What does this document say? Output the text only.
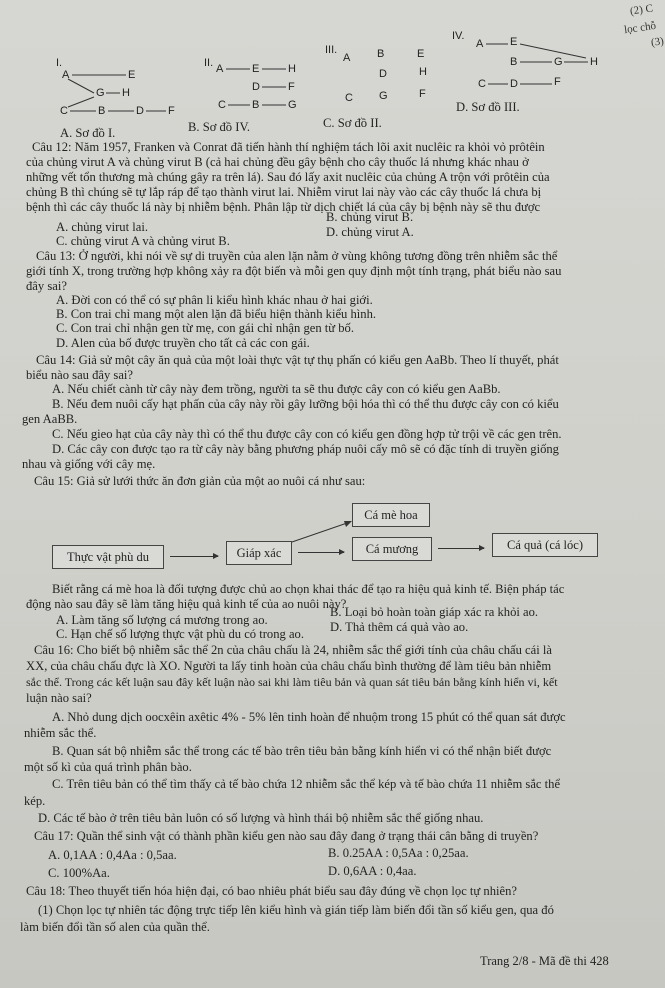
(2) C
lọc chỗ
(3)
I.
A	E
G H
C	B	D F
II. A	E	H
D	F
C B	G
III.
A B	E
D	H
C G	F
IV.
A E
B	G H
C D	F
A. Sơ đồ I.	B. Sơ đồ IV.	C. Sơ đồ II.
D. Sơ đồ III.
Câu 12: Năm 1957, Franken và Conrat đã tiến hành thí nghiệm tách lõi axit nuclêic ra khỏi vỏ prôtêin
của chủng virut A và chủng virut B (cả hai chủng đều gây bệnh cho cây thuốc lá nhưng khác nhau ở
những vết tổn thương mà chúng gây ra trên lá). Sau đó lấy axit nuclêic của chủng A trộn với prôtêin của
chủng B thì chúng sẽ tự lắp ráp để tạo thành virut lai. Nhiễm virut lai này vào các cây thuốc lá chưa bị
bệnh thì các cây thuốc lá này bị nhiễm bệnh. Phân lập từ dịch chiết lá của cây bị bệnh này sẽ thu được
A. chủng virut lai.
B. chủng virut B.
C. chủng virut A và chủng virut B.
D. chủng virut A.
Câu 13: Ở người, khi nói về sự di truyền của alen lặn nằm ở vùng không tương đồng trên nhiễm sắc thể
giới tính X, trong trường hợp không xảy ra đột biến và mỗi gen quy định một tính trạng, phát biểu nào sau
đây sai?
A. Đời con có thể có sự phân li kiểu hình khác nhau ở hai giới.
B. Con trai chỉ mang một alen lặn đã biểu hiện thành kiểu hình.
C. Con trai chỉ nhận gen từ mẹ, con gái chỉ nhận gen từ bố.
D. Alen của bố được truyền cho tất cả các con gái.
Câu 14: Giả sử một cây ăn quả của một loài thực vật tự thụ phấn có kiểu gen AaBb. Theo lí thuyết, phát
biểu nào sau đây sai?
A. Nếu chiết cành từ cây này đem trồng, người ta sẽ thu được cây con có kiểu gen AaBb.
B. Nếu đem nuôi cấy hạt phấn của cây này rồi gây lưỡng bội hóa thì có thể thu được cây con có kiểu
gen AaBB.
C. Nếu gieo hạt của cây này thì có thể thu được cây con có kiểu gen đồng hợp tử trội về các gen trên.
D. Các cây con được tạo ra từ cây này bằng phương pháp nuôi cấy mô sẽ có đặc tính di truyền giống
nhau và giống với cây mẹ.
Câu 15: Giả sử lưới thức ăn đơn giản của một ao nuôi cá như sau:
Cá mè hoa
Thực vật phù du	Giáp xác	Cá mương	Cá quả (cá lóc)
Biết rằng cá mè hoa là đối tượng được chủ ao chọn khai thác để tạo ra hiệu quả kinh tế. Biện pháp tác
động nào sau đây sẽ làm tăng hiệu quả kinh tế của ao nuôi này?
A. Làm tăng số lượng cá mương trong ao.
B. Loại bỏ hoàn toàn giáp xác ra khỏi ao.
C. Hạn chế số lượng thực vật phù du có trong ao. D. Thả thêm cá quả vào ao.
Câu 16: Cho biết bộ nhiễm sắc thể 2n của châu chấu là 24, nhiễm sắc thể giới tính của châu chấu cái là
XX, của châu chấu đực là XO. Người ta lấy tinh hoàn của châu chấu bình thường để làm tiêu bản nhiễm
sắc thể. Trong các kết luận sau đây kết luận nào sai khi làm tiêu bản và quan sát tiêu bản bằng kính hiển vi, kết
luận nào sai?
A. Nhỏ dung dịch oocxêin axêtic 4% - 5% lên tinh hoàn để nhuộm trong 15 phút có thể quan sát được
nhiễm sắc thể.
B. Quan sát bộ nhiễm sắc thể trong các tế bào trên tiêu bản bằng kính hiển vi có thể nhận biết được
một số kì của quá trình phân bào.
C. Trên tiêu bản có thể tìm thấy cả tế bào chứa 12 nhiễm sắc thể kép và tế bào chứa 11 nhiễm sắc thể
kép.
D. Các tế bào ở trên tiêu bản luôn có số lượng và hình thái bộ nhiễm sắc thể giống nhau.
Câu 17: Quần thể sinh vật có thành phần kiểu gen nào sau đây đang ở trạng thái cân bằng di truyền?
A. 0,1AA : 0,4Aa : 0,5aa.	B. 0.25AA : 0,5Aa : 0,25aa.
C. 100%Aa.	D. 0,6AA : 0,4aa.
Câu 18: Theo thuyết tiến hóa hiện đại, có bao nhiêu phát biểu sau đây đúng về chọn lọc tự nhiên?
(1) Chọn lọc tự nhiên tác động trực tiếp lên kiểu hình và gián tiếp làm biến đổi tần số kiểu gen, qua đó
làm biến đổi tần số alen của quần thể.
Trang 2/8 - Mã đề thi 428
